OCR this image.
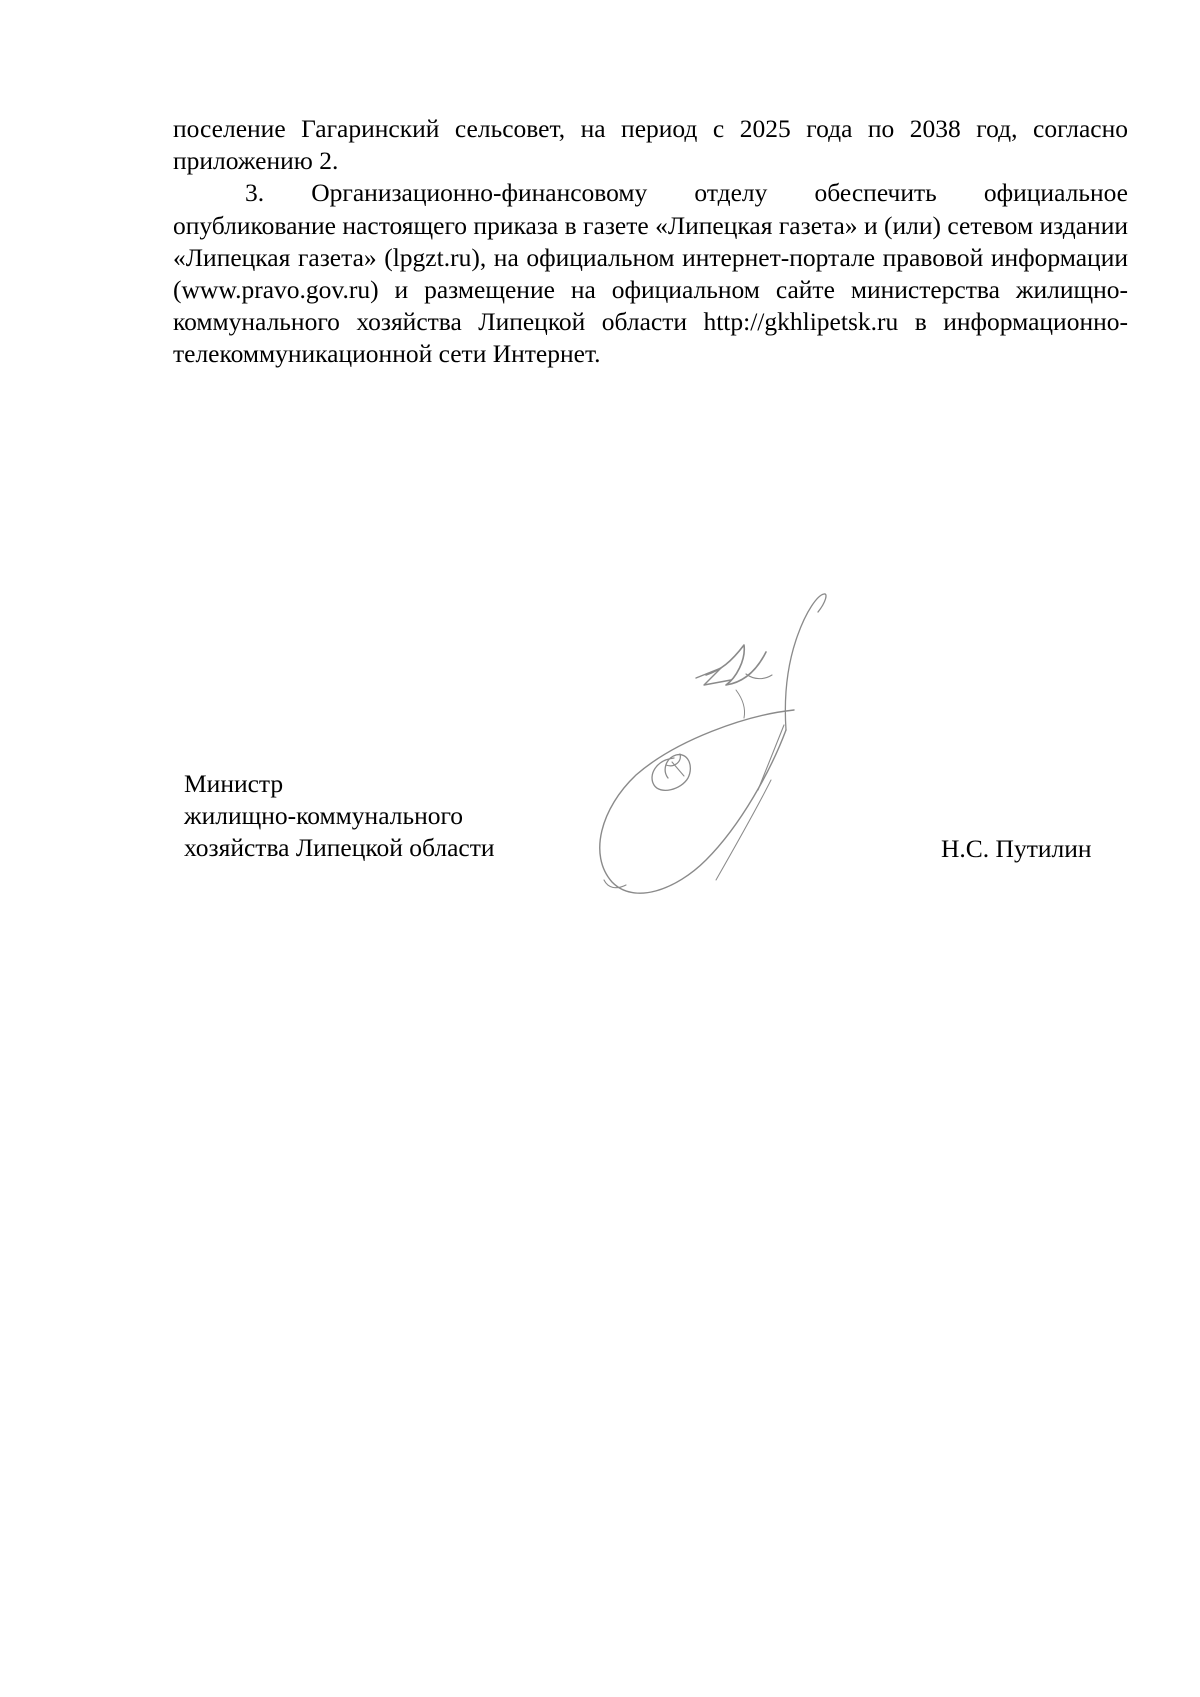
поселение Гагаринский сельсовет, на период с 2025 года по 2038 год, согласно приложению 2.

3. Организационно-финансовому отделу обеспечить официальное опубликование настоящего приказа в газете «Липецкая газета» и (или) сетевом издании «Липецкая газета» (lpgzt.ru), на официальном интернет-портале правовой информации (www.pravo.gov.ru) и размещение на официальном сайте министерства жилищно-коммунального хозяйства Липецкой области http://gkhlipetsk.ru в информационно-телекоммуникационной сети Интернет.

Министр
жилищно-коммунального
хозяйства Липецкой области	Н.С. Путилин
